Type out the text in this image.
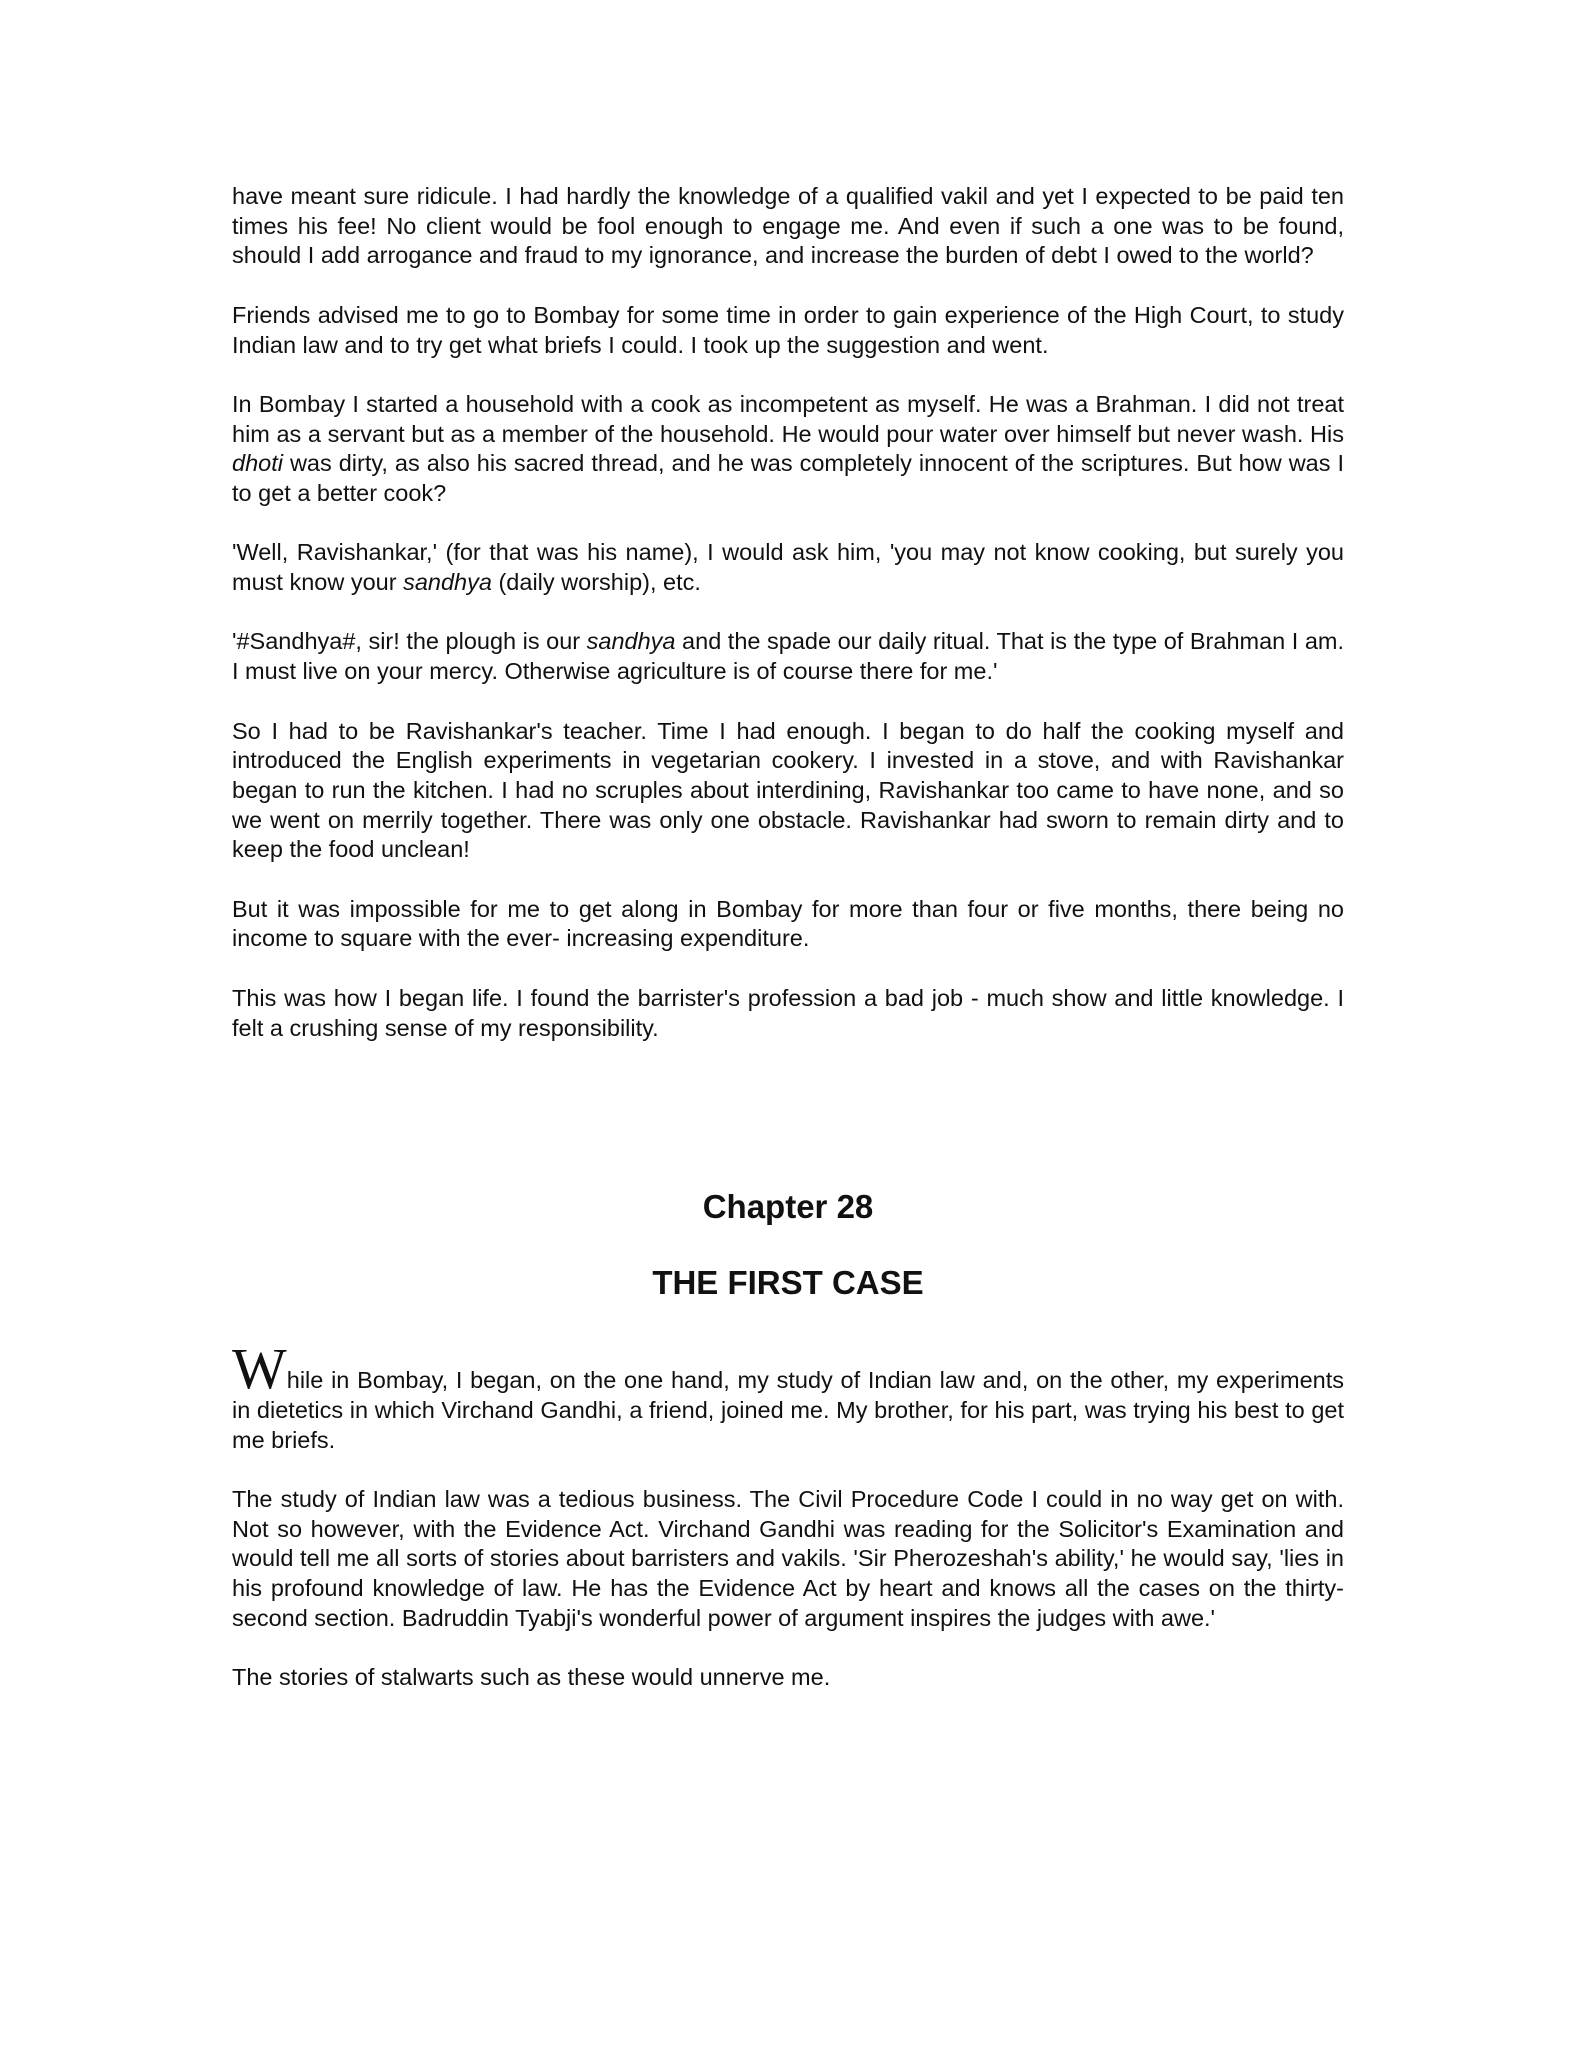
have meant sure ridicule. I had hardly the knowledge of a qualified vakil and yet I expected to be paid ten times his fee! No client would be fool enough to engage me. And even if such a one was to be found, should I add arrogance and fraud to my ignorance, and increase the burden of debt I owed to the world?

Friends advised me to go to Bombay for some time in order to gain experience of the High Court, to study Indian law and to try get what briefs I could. I took up the suggestion and went.

In Bombay I started a household with a cook as incompetent as myself. He was a Brahman. I did not treat him as a servant but as a member of the household. He would pour water over himself but never wash. His dhoti was dirty, as also his sacred thread, and he was completely innocent of the scriptures. But how was I to get a better cook?

'Well, Ravishankar,' (for that was his name), I would ask him, 'you may not know cooking, but surely you must know your sandhya (daily worship), etc.

'#Sandhya#, sir! the plough is our sandhya and the spade our daily ritual. That is the type of Brahman I am. I must live on your mercy. Otherwise agriculture is of course there for me.'

So I had to be Ravishankar's teacher. Time I had enough. I began to do half the cooking myself and introduced the English experiments in vegetarian cookery. I invested in a stove, and with Ravishankar began to run the kitchen. I had no scruples about interdining, Ravishankar too came to have none, and so we went on merrily together. There was only one obstacle. Ravishankar had sworn to remain dirty and to keep the food unclean!

But it was impossible for me to get along in Bombay for more than four or five months, there being no income to square with the ever- increasing expenditure.

This was how I began life. I found the barrister's profession a bad job - much show and little knowledge. I felt a crushing sense of my responsibility.

Chapter 28
THE FIRST CASE

While in Bombay, I began, on the one hand, my study of Indian law and, on the other, my experiments in dietetics in which Virchand Gandhi, a friend, joined me. My brother, for his part, was trying his best to get me briefs.

The study of Indian law was a tedious business. The Civil Procedure Code I could in no way get on with. Not so however, with the Evidence Act. Virchand Gandhi was reading for the Solicitor's Examination and would tell me all sorts of stories about barristers and vakils. 'Sir Pherozeshah's ability,' he would say, 'lies in his profound knowledge of law. He has the Evidence Act by heart and knows all the cases on the thirty-second section. Badruddin Tyabji's wonderful power of argument inspires the judges with awe.'

The stories of stalwarts such as these would unnerve me.
